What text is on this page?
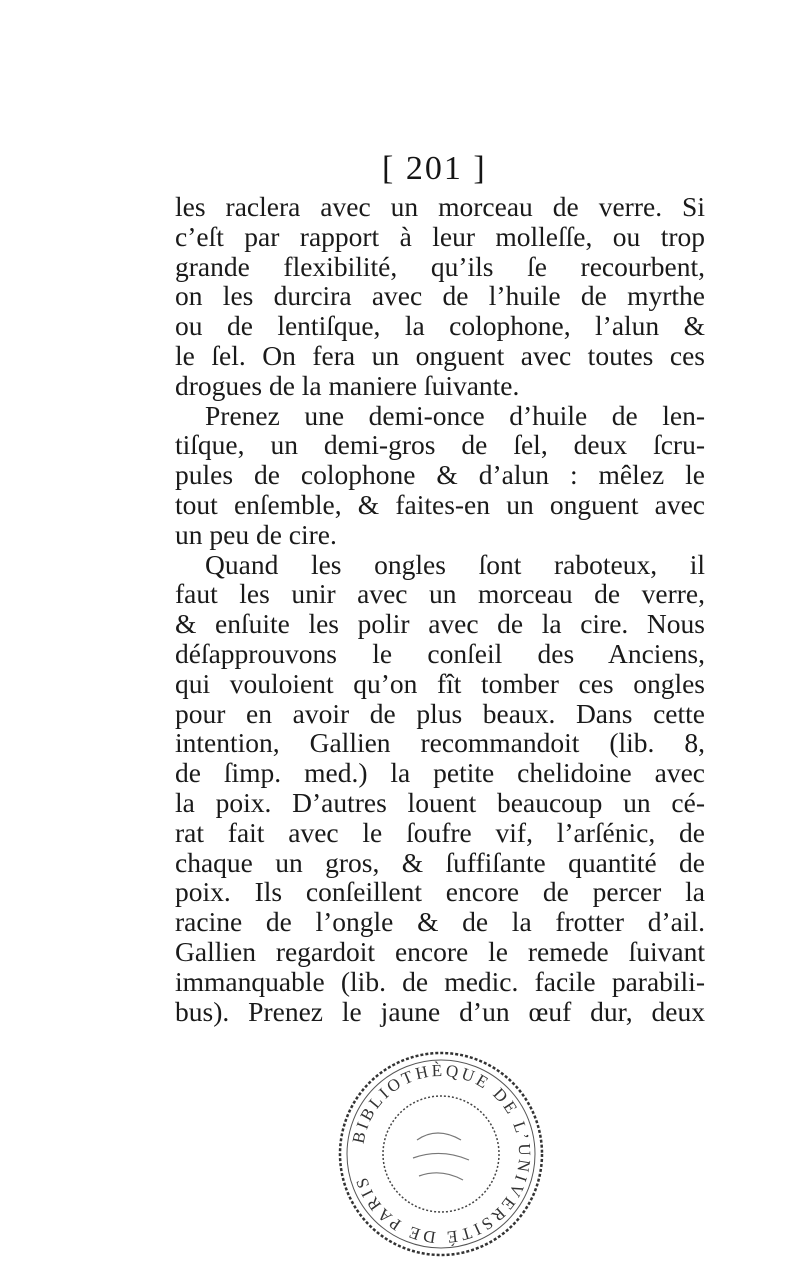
[ 201 ]
les raclera avec un morceau de verre. Si
c’eſt par rapport à leur molleſſe, ou trop
grande flexibilité, qu’ils ſe recourbent,
on les durcira avec de l’huile de myrthe
ou de lentiſque, la colophone, l’alun &
le ſel. On fera un onguent avec toutes ces
drogues de la maniere ſuivante.
Prenez une demi-once d’huile de len-
tiſque, un demi-gros de ſel, deux ſcru-
pules de colophone & d’alun : mêlez le
tout enſemble, & faites-en un onguent avec
un peu de cire.
Quand les ongles ſont raboteux, il
faut les unir avec un morceau de verre,
& enſuite les polir avec de la cire. Nous
déſapprouvons le conſeil des Anciens,
qui vouloient qu’on fît tomber ces ongles
pour en avoir de plus beaux. Dans cette
intention, Gallien recommandoit (lib. 8,
de ſimp. med.) la petite chelidoine avec
la poix. D’autres louent beaucoup un cé-
rat fait avec le ſoufre vif, l’arſénic, de
chaque un gros, & ſuffiſante quantité de
poix. Ils conſeillent encore de percer la
racine de l’ongle & de la frotter d’ail.
Gallien regardoit encore le remede ſuivant
immanquable (lib. de medic. facile parabili-
bus). Prenez le jaune d’un œuf dur, deux
BIBLIOTHÈQUE DE L’UNIVERSITÉ DE PARIS
